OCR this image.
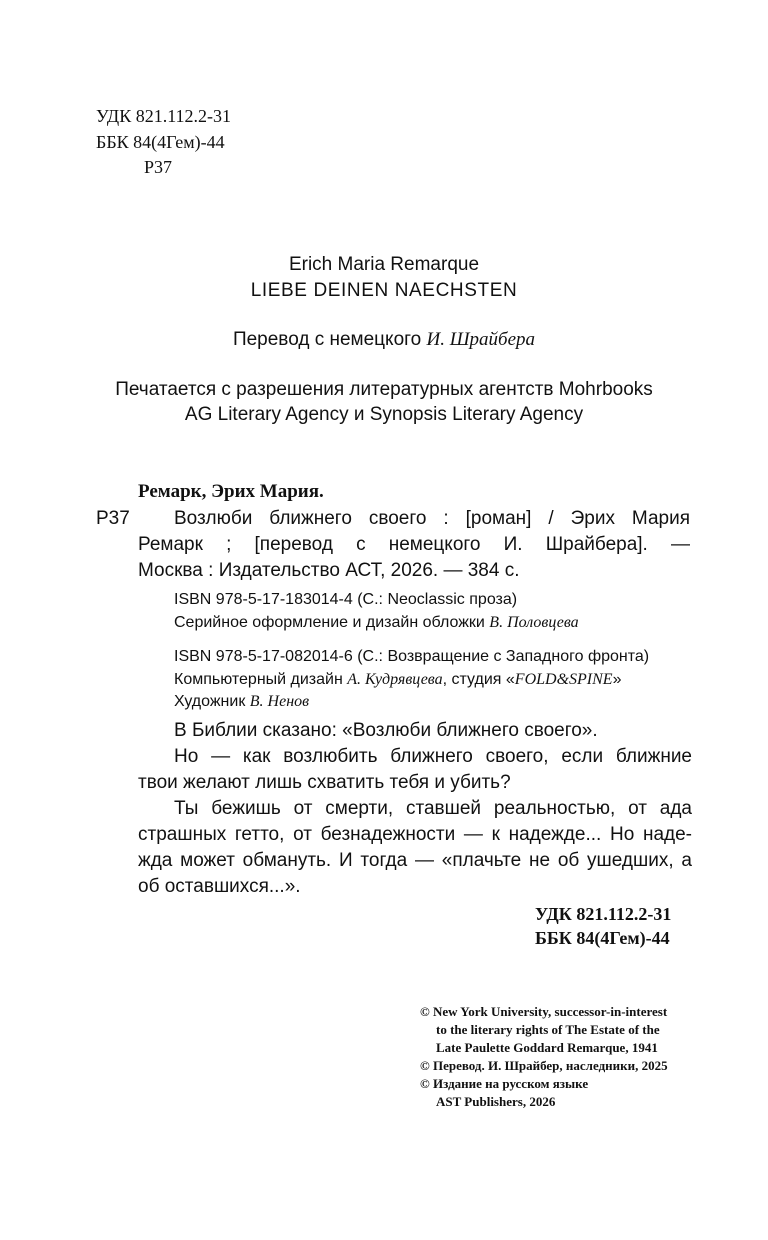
УДК 821.112.2-31
ББК 84(4Гем)-44
Р37
Erich Maria Remarque
LIEBE DEINEN NAECHSTEN
Перевод с немецкого И. Шрайбера
Печатается с разрешения литературных агентств Mohrbooks
AG Literary Agency и Synopsis Literary Agency
Ремарк, Эрих Мария.
Р37 Возлюби ближнего своего : [роман] / Эрих Мария
Ремарк ; [перевод с немецкого И. Шрайбера]. —
Москва : Издательство АСТ, 2026. — 384 с.
ISBN 978-5-17-183014-4 (С.: Neoclassic проза)
Серийное оформление и дизайн обложки В. Половцева
ISBN 978-5-17-082014-6 (С.: Возвращение с Западного фронта)
Компьютерный дизайн А. Кудрявцева, студия «FOLD&SPINE»
Художник В. Ненов
В Библии сказано: «Возлюби ближнего своего».
Но — как возлюбить ближнего своего, если ближние
твои желают лишь схватить тебя и убить?
Ты бежишь от смерти, ставшей реальностью, от ада
страшных гетто, от безнадежности — к надежде... Но наде-
жда может обмануть. И тогда — «плачьте не об ушедших, а
об оставшихся...».
УДК 821.112.2-31
ББК 84(4Гем)-44
© New York University, successor-in-interest
to the literary rights of The Estate of the
Late Paulette Goddard Remarque, 1941
© Перевод. И. Шрайбер, наследники, 2025
© Издание на русском языке
AST Publishers, 2026
